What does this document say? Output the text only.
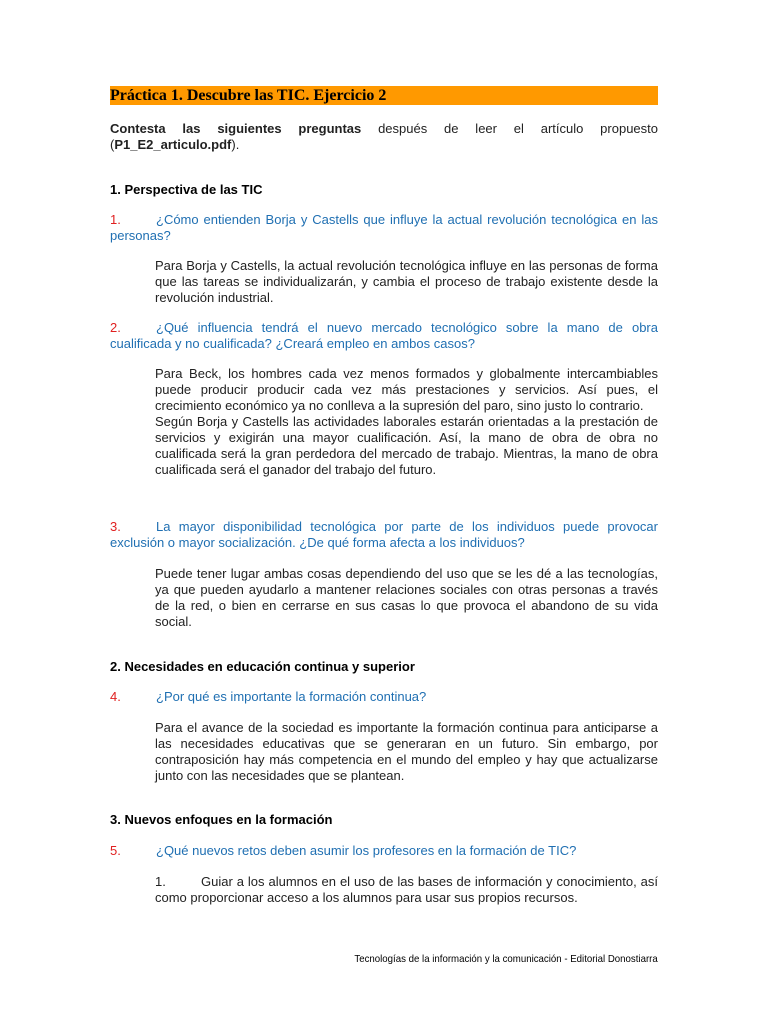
Práctica 1. Descubre las TIC. Ejercicio 2
Contesta las siguientes preguntas después de leer el artículo propuesto (P1_E2_articulo.pdf).
1. Perspectiva de las TIC
1.	¿Cómo entienden Borja y Castells que influye la actual revolución tecnológica en las personas?

Para Borja y Castells, la actual revolución tecnológica influye en las personas de forma que las tareas se individualizarán, y cambia el proceso de trabajo existente desde la revolución industrial.

2.	¿Qué influencia tendrá el nuevo mercado tecnológico sobre la mano de obra cualificada y no cualificada? ¿Creará empleo en ambos casos?

Para Beck, los hombres cada vez menos formados y globalmente intercambiables puede producir producir cada vez más prestaciones y servicios. Así pues, el crecimiento económico ya no conlleva a la supresión del paro, sino justo lo contrario.

Según Borja y Castells las actividades laborales estarán orientadas a la prestación de servicios y exigirán una mayor cualificación. Así, la mano de obra de obra no cualificada será la gran perdedora del mercado de trabajo. Mientras, la mano de obra cualificada será el ganador del trabajo del futuro.

3.	La mayor disponibilidad tecnológica por parte de los individuos puede provocar exclusión o mayor socialización. ¿De qué forma afecta a los individuos?

Puede tener lugar ambas cosas dependiendo del uso que se les dé a las tecnologías, ya que pueden ayudarlo a mantener relaciones sociales con otras personas a través de la red, o bien en cerrarse en sus casas lo que provoca el abandono de su vida social.

2. Necesidades en educación continua y superior
4.	¿Por qué es importante la formación continua?

Para el avance de la sociedad es importante la formación continua para anticiparse a las necesidades educativas que se generaran en un futuro. Sin embargo, por contraposición hay más competencia en el mundo del empleo y hay que actualizarse junto con las necesidades que se plantean.

3. Nuevos enfoques en la formación
5.	¿Qué nuevos retos deben asumir los profesores en la formación de TIC?

1.	Guiar a los alumnos en el uso de las bases de información y conocimiento, así como proporcionar acceso a los alumnos para usar sus propios recursos.

Tecnologías de la información y la comunicación - Editorial Donostiarra
